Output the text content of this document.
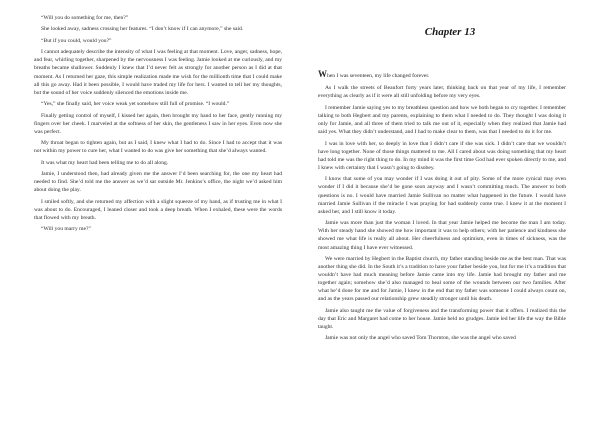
“Will you do something for me, then?”

She looked away, sadness crossing her features. “I don’t know if I can anymore,” she said.

“But if you could, would you?”

I cannot adequately describe the intensity of what I was feeling at that moment. Love, anger, sadness, hope, and fear, whirling together, sharpened by the nervousness I was feeling. Jamie looked at me curiously, and my breaths became shallower. Suddenly I knew that I’d never felt as strongly for another person as I did at that moment. As I returned her gaze, this simple realization made me wish for the millionth time that I could make all this go away. Had it been possible, I would have traded my life for hers. I wanted to tell her my thoughts, but the sound of her voice suddenly silenced the emotions inside me.

“Yes,” she finally said, her voice weak yet somehow still full of promise. “I would.”

Finally getting control of myself, I kissed her again, then brought my hand to her face, gently running my fingers over her cheek. I marveled at the softness of her skin, the gentleness I saw in her eyes. Even now she was perfect.

My throat began to tighten again, but as I said, I knew what I had to do. Since I had to accept that it was not within my power to cure her, what I wanted to do was give her something that she’d always wanted.

It was what my heart had been telling me to do all along.

Jamie, I understood then, had already given me the answer I’d been searching for, the one my heart had needed to find. She’d told me the answer as we’d sat outside Mr. Jenkins’s office, the night we’d asked him about doing the play.

I smiled softly, and she returned my affection with a slight squeeze of my hand, as if trusting me in what I was about to do. Encouraged, I leaned closer and took a deep breath. When I exhaled, these were the words that flowed with my breath.

“Will you marry me?”

Chapter 13

When I was seventeen, my life changed forever.

As I walk the streets of Beaufort forty years later, thinking back on that year of my life, I remember everything as clearly as if it were all still unfolding before my very eyes.

I remember Jamie saying yes to my breathless question and how we both began to cry together. I remember talking to both Hegbert and my parents, explaining to them what I needed to do. They thought I was doing it only for Jamie, and all three of them tried to talk me out of it, especially when they realized that Jamie had said yes. What they didn’t understand, and I had to make clear to them, was that I needed to do it for me.

I was in love with her, so deeply in love that I didn’t care if she was sick. I didn’t care that we wouldn’t have long together. None of those things mattered to me. All I cared about was doing something that my heart had told me was the right thing to do. In my mind it was the first time God had ever spoken directly to me, and I knew with certainty that I wasn’t going to disobey.

I know that some of you may wonder if I was doing it out of pity. Some of the more cynical may even wonder if I did it because she’d be gone soon anyway and I wasn’t committing much. The answer to both questions is no. I would have married Jamie Sullivan no matter what happened in the future. I would have married Jamie Sullivan if the miracle I was praying for had suddenly come true. I knew it at the moment I asked her, and I still know it today.

Jamie was more than just the woman I loved. In that year Jamie helped me become the man I am today. With her steady hand she showed me how important it was to help others; with her patience and kindness she showed me what life is really all about. Her cheerfulness and optimism, even in times of sickness, was the most amazing thing I have ever witnessed.

We were married by Hegbert in the Baptist church, my father standing beside me as the best man. That was another thing she did. In the South it’s a tradition to have your father beside you, but for me it’s a tradition that wouldn’t have had much meaning before Jamie came into my life. Jamie had brought my father and me together again; somehow she’d also managed to heal some of the wounds between our two families. After what he’d done for me and for Jamie, I knew in the end that my father was someone I could always count on, and as the years passed our relationship grew steadily stronger until his death.

Jamie also taught me the value of forgiveness and the transforming power that it offers. I realized this the day that Eric and Margaret had come to her house. Jamie held no grudges. Jamie led her life the way the Bible taught.

Jamie was not only the angel who saved Tom Thornton, she was the angel who saved
